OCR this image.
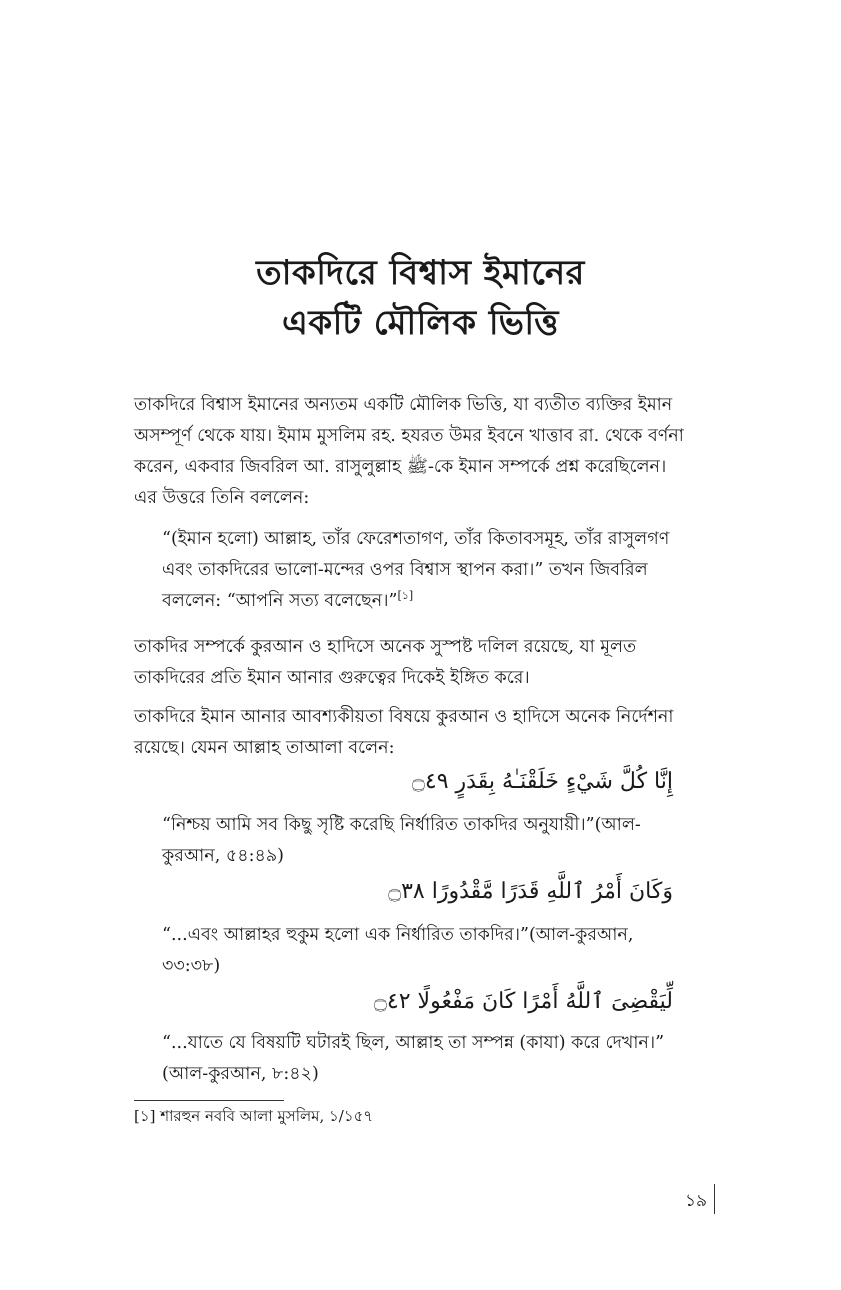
তাকদিরে বিশ্বাস ইমানের
একটি মৌলিক ভিত্তি
তাকদিরে বিশ্বাস ইমানের অন্যতম একটি মৌলিক ভিত্তি, যা ব্যতীত ব্যক্তির ইমান
অসম্পূর্ণ থেকে যায়। ইমাম মুসলিম রহ. হযরত উমর ইবনে খাত্তাব রা. থেকে বর্ণনা
করেন, একবার জিবরিল আ. রাসুলুল্লাহ ﷺ-কে ইমান সম্পর্কে প্রশ্ন করেছিলেন।
এর উত্তরে তিনি বললেন:
“(ইমান হলো) আল্লাহ, তাঁর ফেরেশতাগণ, তাঁর কিতাবসমূহ, তাঁর রাসুলগণ
এবং তাকদিরের ভালো-মন্দের ওপর বিশ্বাস স্থাপন করা।” তখন জিবরিল
বললেন: “আপনি সত্য বলেছেন।”[১]
তাকদির সম্পর্কে কুরআন ও হাদিসে অনেক সুস্পষ্ট দলিল রয়েছে, যা মূলত
তাকদিরের প্রতি ইমান আনার গুরুত্বের দিকেই ইঙ্গিত করে।
তাকদিরে ইমান আনার আবশ্যকীয়তা বিষয়ে কুরআন ও হাদিসে অনেক নির্দেশনা
রয়েছে। যেমন আল্লাহ তাআলা বলেন:
إِنَّا كُلَّ شَيْءٍ خَلَقْنَـٰهُ بِقَدَرٍ ۝٤٩
“নিশ্চয় আমি সব কিছু সৃষ্টি করেছি নির্ধারিত তাকদির অনুযায়ী।”(আল-
কুরআন, ৫৪:৪৯)
وَكَانَ أَمْرُ ٱللَّهِ قَدَرًا مَّقْدُورًا ۝٣٨
“...এবং আল্লাহর হুকুম হলো এক নির্ধারিত তাকদির।”(আল-কুরআন,
৩৩:৩৮)
لِّيَقْضِىَ ٱللَّهُ أَمْرًا كَانَ مَفْعُولًا ۝٤٢
“...যাতে যে বিষয়টি ঘটারই ছিল, আল্লাহ তা সম্পন্ন (কাযা) করে দেখান।”
(আল-কুরআন, ৮:৪২)
[১] শারহুন নববি আলা মুসলিম, ১/১৫৭
১৯
